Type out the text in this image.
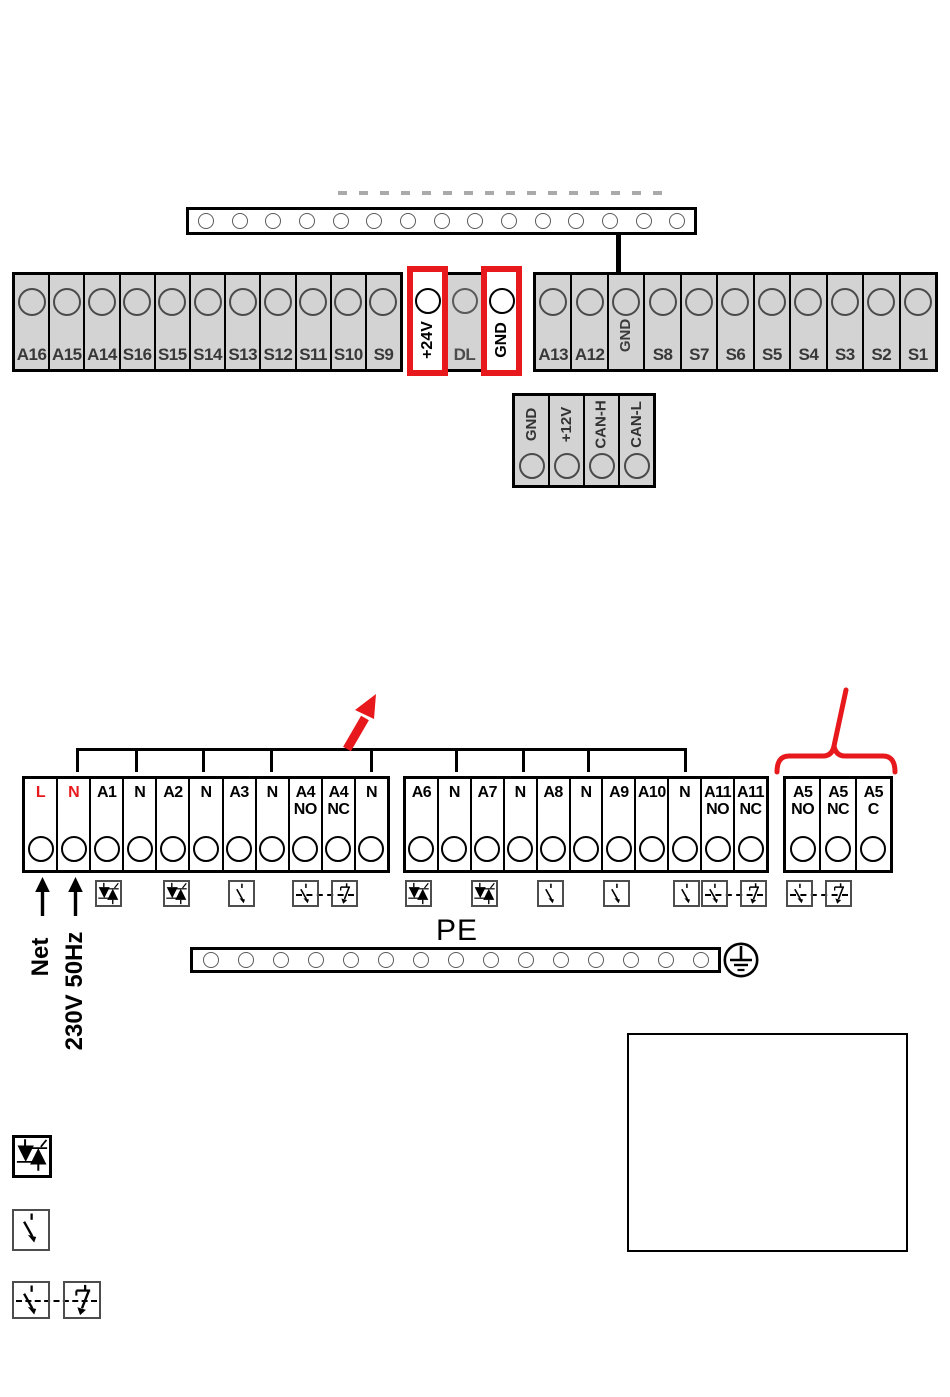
A16 A15 A14 S16 S15 S14 S13 S12 S11 S10 S9	+24V	DL	GND A13 A12
GND
S8 S7 S6 S5 S4 S3 S2 S1
GND +12V CAN-H CAN-L
L	N	A1	N	A2	N	A3	N	A4
NO
A4
NC
N	A6	N	A7	N	A8	N	A9 A10 N A11
NO
A11
NC
A5
NO
A5
NC
A5
C
Net 230V 50Hz
PE
